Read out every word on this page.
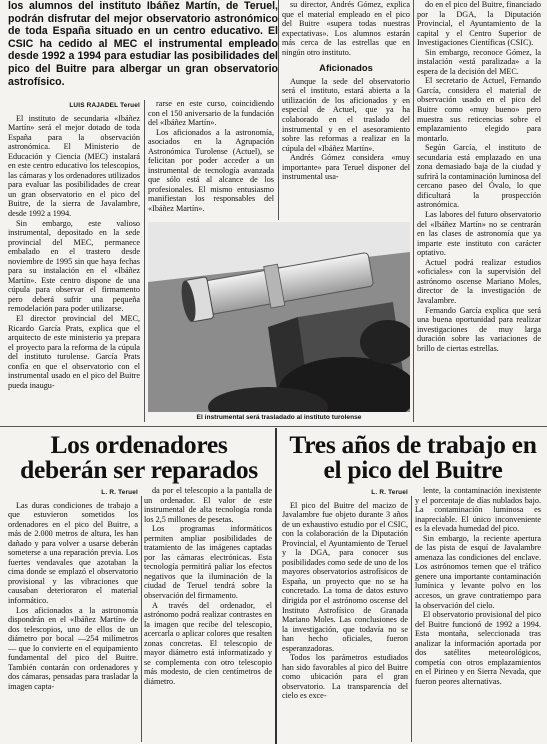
los alumnos del instituto Ibáñez Martín, de Teruel, podrán disfrutar del mejor observatorio astronómico de toda España situado en un centro educativo. El CSIC ha cedido al MEC el instrumental empleado desde 1992 a 1994 para estudiar las posibilidades del pico del Buitre para albergar un gran observatorio astrofísico.

LUIS RAJADEL Teruel

El instituto de secundaria «Ibáñez Martín» será el mejor dotado de toda España para la observación astronómica. El Ministerio de Educación y Ciencia (MEC) instalará en este centro educativo los telescopios, las cámaras y los ordenadores utilizados para evaluar las posibilidades de crear un gran observatorio en el pico del Buitre, de la sierra de Javalambre, desde 1992 a 1994.

Sin embargo, este valioso instrumental, depositado en la sede provincial del MEC, permanece embalado en el trastero desde noviembre de 1995 sin que haya fechas para su instalación en el «Ibáñez Martín». Este centro dispone de una cúpula para observar el firmamento pero deberá sufrir una pequeña remodelación para poder utilizarse.

El director provincial del MEC, Ricardo García Prats, explica que el arquitecto de este ministerio ya prepara el proyecto para la reforma de la cúpula del instituto turolense. García Prats confía en que el observatorio con el instrumental usado en el pico del Buitre pueda inaugu-

rarse en este curso, coincidiendo con el 150 aniversario de la fundación del «Ibáñez Martín».

Los aficionados a la astronomía, asociados en la Agrupación Astronómica Turolense (Actuel), se felicitan por poder acceder a un instrumental de tecnología avanzada que sólo está al alcance de los profesionales. El mismo entusiasmo manifiestan los responsables del «Ibáñez Martín».

su director, Andrés Gómez, explica que el material empleado en el pico del Buitre «supera todas nuestras expectativas». Los alumnos estarán más cerca de las estrellas que en ningún otro instituto.

Aficionados

Aunque la sede del observatorio será el instituto, estará abierta a la utilización de los aficionados y en especial de Actuel, que ya ha colaborado en el traslado del instrumental y en el asesoramiento sobre las reformas a realizar en la cúpula del «Ibáñez Martín».

Andrés Gómez considera «muy importante» para Teruel disponer del instrumental usa-

do en el pico del Buitre, financiado por la DGA, la Diputación Provincial, el Ayuntamiento de la capital y el Centro Superior de Investigaciones Científicas (CSIC).

Sin embargo, reconoce Gómez, la instalación «está paralizada» a la espera de la decisión del MEC.

El secretario de Actuel, Fernando García, considera el material de observación usado en el pico del Buitre como «muy bueno» pero muestra sus reticencias sobre el emplazamiento elegido para montarlo.

Según García, el instituto de secundaria está emplazado en una zona demasiado baja de la ciudad y sufrirá la contaminación luminosa del cercano paseo del Óvalo, lo que dificultará la prospección astronómica.

Las labores del futuro observatorio del «Ibáñez Martín» no se centrarán en las clases de astronomía que ya imparte este instituto con carácter optativo.

Actuel podrá realizar estudios «oficiales» con la supervisión del astrónomo oscense Mariano Moles, director de la investigación de Javalambre.

Fernando García explica que será una buena oportunidad para realizar investigaciones de muy larga duración sobre las variaciones de brillo de ciertas estrellas.

El instrumental será trasladado al instituto turolense
Los ordenadores deberán ser reparados
L. R. Teruel

Las duras condiciones de trabajo a que estuvieron sometidos los ordenadores en el pico del Buitre, a más de 2.000 metros de altura, les han dañado y para volver a usarse deberán someterse a una reparación previa. Los fuertes vendavales que azotaban la cima donde se emplazó el observatorio provisional y las vibraciones que causaban deterioraron el material informático.

Los aficionados a la astronomía dispondrán en el «Ibáñez Martín» de dos telescopios, uno de ellos de un diámetro por bocal —254 milímetros— que lo convierte en el equipamiento fundamental del pico del Buitre. También contarán con ordenadores y dos cámaras, pensadas para trasladar la imagen capta-

da por el telescopio a la pantalla de un ordenador. El valor de este instrumental de alta tecnología ronda los 2,5 millones de pesetas.

Los programas informáticos permiten ampliar posibilidades de tratamiento de las imágenes captadas por las cámaras electrónicas. Esta tecnología permitirá paliar los efectos negativos que la iluminación de la ciudad de Teruel tendrá sobre la observación del firmamento.

A través del ordenador, el astrónomo podrá realizar contrastes en la imagen que recibe del telescopio, acercarla o aplicar colores que resalten zonas concretas. El telescopio de mayor diámetro está informatizado y se complementa con otro telescopio más modesto, de cien centímetros de diámetro.

Tres años de trabajo en el pico del Buitre
L. R. Teruel

El pico del Buitre del macizo de Javalambre fue objeto durante 3 años de un exhaustivo estudio por el CSIC, con la colaboración de la Diputación Provincial, el Ayuntamiento de Teruel y la DGA, para conocer sus posibilidades como sede de uno de los mayores observatorios astrofísicos de España, un proyecto que no se ha concretado. La toma de datos estuvo dirigida por el astrónomo oscense del Instituto Astrofísico de Granada Mariano Moles. Las conclusiones de la investigación, que todavía no se han hecho oficiales, fueron esperanzadoras.

Todos los parámetros estudiados han sido favorables al pico del Buitre como ubicación para el gran observatorio. La transparencia del cielo es exce-

lente, la contaminación inexistente y el porcentaje de días nublados bajo. La contaminación luminosa es inapreciable. El único inconveniente es la elevada humedad del pico.

Sin embargo, la reciente apertura de las pista de esquí de Javalambre amenaza las condiciones del enclave. Los astrónomos temen que el tráfico genere una importante contaminación lumínica y levante polvo en los accesos, un grave contratiempo para la observación del cielo.

El observatorio provisional del pico del Buitre funcionó de 1992 a 1994. Esta montaña, seleccionada tras analizar la información aportada por dos satélites meteorológicos, competía con otros emplazamientos en el Pirineo y en Sierra Nevada, que fueron peores alternativas.
